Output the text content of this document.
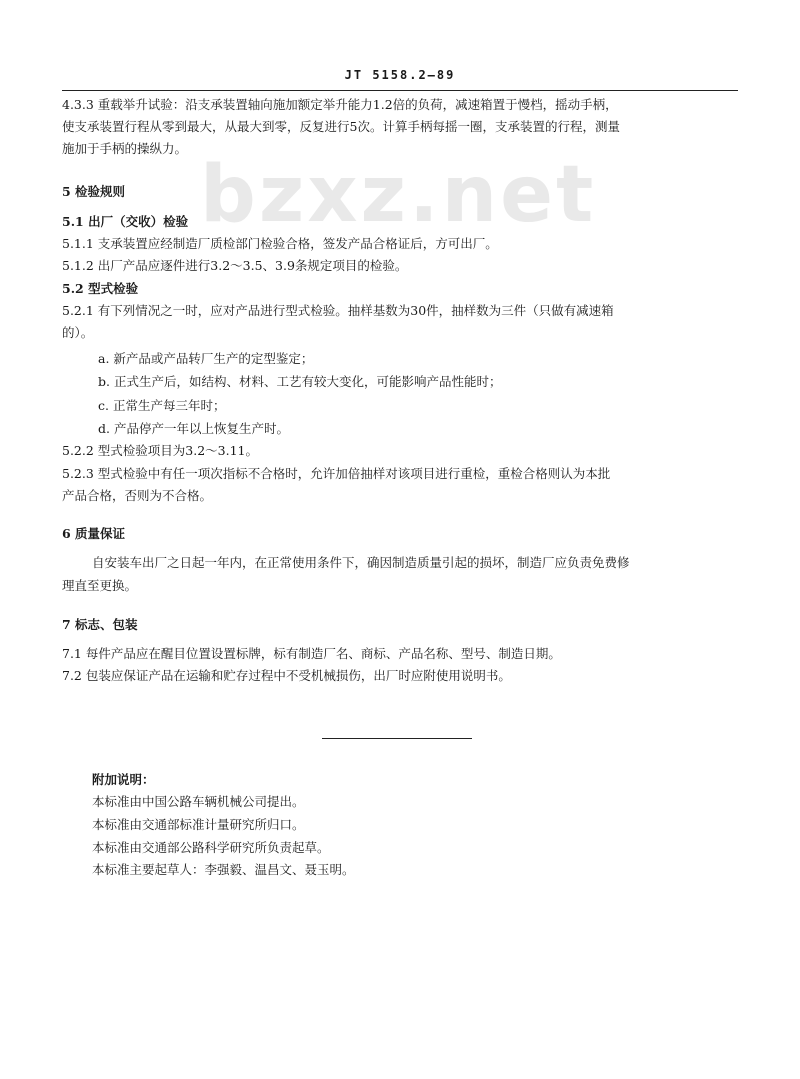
JT 5158.2—89
bzxz.net
4.3.3 重载举升试验：沿支承装置轴向施加额定举升能力1.2倍的负荷，减速箱置于慢档，摇动手柄，
使支承装置行程从零到最大，从最大到零，反复进行5次。计算手柄每摇一圈，支承装置的行程，测量
施加于手柄的操纵力。
5 检验规则
5.1 出厂（交收）检验
5.1.1 支承装置应经制造厂质检部门检验合格，签发产品合格证后，方可出厂。
5.1.2 出厂产品应逐件进行3.2～3.5、3.9条规定项目的检验。
5.2 型式检验
5.2.1 有下列情况之一时，应对产品进行型式检验。抽样基数为30件，抽样数为三件（只做有减速箱
的）。
a. 新产品或产品转厂生产的定型鉴定；
b. 正式生产后，如结构、材料、工艺有较大变化，可能影响产品性能时；
c. 正常生产每三年时；
d. 产品停产一年以上恢复生产时。
5.2.2 型式检验项目为3.2～3.11。
5.2.3 型式检验中有任一项次指标不合格时，允许加倍抽样对该项目进行重检，重检合格则认为本批
产品合格，否则为不合格。
6 质量保证
自安装车出厂之日起一年内，在正常使用条件下，确因制造质量引起的损坏，制造厂应负责免费修
理直至更换。
7 标志、包装
7.1 每件产品应在醒目位置设置标牌，标有制造厂名、商标、产品名称、型号、制造日期。
7.2 包装应保证产品在运输和贮存过程中不受机械损伤，出厂时应附使用说明书。
附加说明：
本标准由中国公路车辆机械公司提出。
本标准由交通部标准计量研究所归口。
本标准由交通部公路科学研究所负责起草。
本标准主要起草人：李强毅、温昌文、聂玉明。
